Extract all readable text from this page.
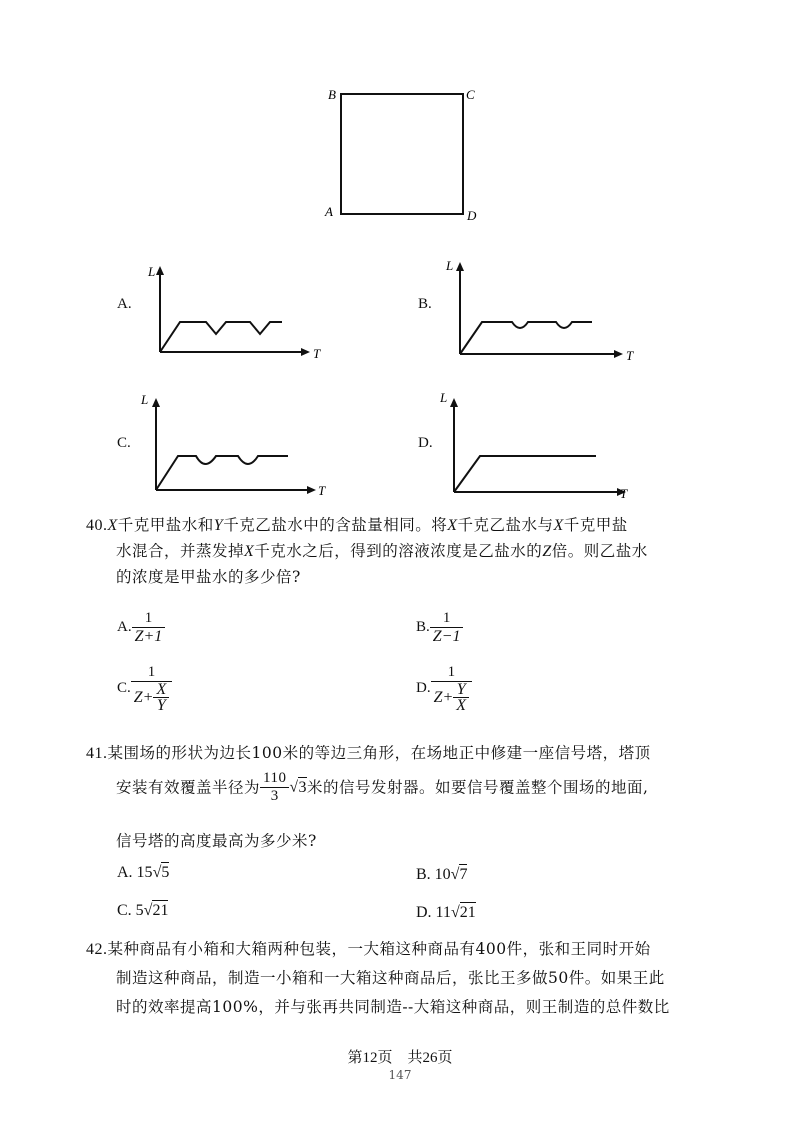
B	C
A	D
A.
L
T
B.
L
T
C.
L
T
D.
L
T
40.X千克甲盐水和Y千克乙盐水中的含盐量相同。将X千克乙盐水与X千克甲盐
水混合，并蒸发掉X千克水之后，得到的溶液浓度是乙盐水的Z倍。则乙盐水
的浓度是甲盐水的多少倍?
A. $\frac{1}{Z+1}$	B. $\frac{1}{Z-1}$
C. $\frac{1}{Z+ \frac{X}{Y}}$	D. $\frac{1}{Z+ \frac{Y}{X}}$
41.某围场的形状为边长100米的等边三角形，在场地正中修建一座信号塔，塔顶
安装有效覆盖半径为 $\frac{110}{3} √3$米的信号发射器。如要信号覆盖整个围场的地面,
信号塔的高度最高为多少米?
A. 15√5	B. 10√7
C. 5√21	D. 11√21
42.某种商品有小箱和大箱两种包装，一大箱这种商品有400件，张和王同时开始
制造这种商品，制造一小箱和一大箱这种商品后，张比王多做50件。如果王此
时的效率提高100%，并与张再共同制造--大箱这种商品，则王制造的总件数比
第12页　共26页
147
